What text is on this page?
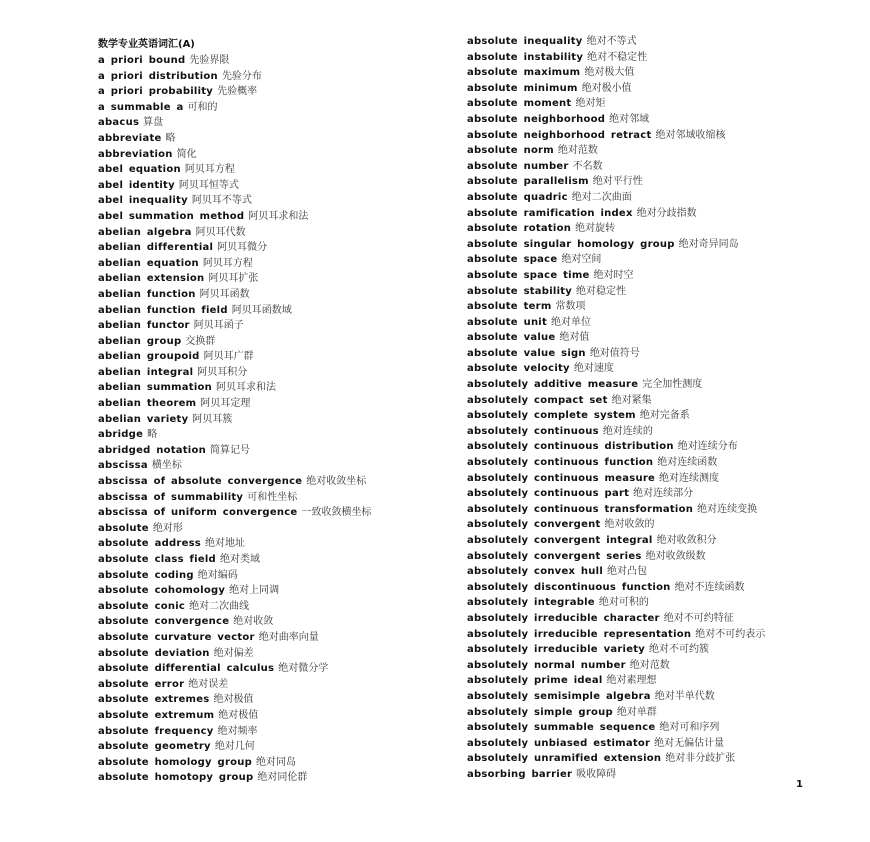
数学专业英语词汇(A)
a priori bound 先验界限
a priori distribution 先验分布
a priori probability 先验概率
a summable a 可和的
abacus 算盘
abbreviate 略
abbreviation 简化
abel equation 阿贝耳方程
abel identity 阿贝耳恒等式
abel inequality 阿贝耳不等式
abel summation method 阿贝耳求和法
abelian algebra 阿贝耳代数
abelian differential 阿贝耳微分
abelian equation 阿贝耳方程
abelian extension 阿贝耳扩张
abelian function 阿贝耳函数
abelian function field 阿贝耳函数域
abelian functor 阿贝耳函子
abelian group 交换群
abelian groupoid 阿贝耳广群
abelian integral 阿贝耳积分
abelian summation 阿贝耳求和法
abelian theorem 阿贝耳定理
abelian variety 阿贝耳簇
abridge 略
abridged notation 简算记号
abscissa 横坐标
abscissa of absolute convergence 绝对收敛坐标
abscissa of summability 可和性坐标
abscissa of uniform convergence 一致收敛横坐标
absolute 绝对形
absolute address 绝对地址
absolute class field 绝对类域
absolute coding 绝对编码
absolute cohomology 绝对上同调
absolute conic 绝对二次曲线
absolute convergence 绝对收敛
absolute curvature vector 绝对曲率向量
absolute deviation 绝对偏差
absolute differential calculus 绝对微分学
absolute error 绝对误差
absolute extremes 绝对极值
absolute extremum 绝对极值
absolute frequency 绝对频率
absolute geometry 绝对几何
absolute homology group 绝对同岛
absolute homotopy group 绝对同伦群
absolute inequality 绝对不等式
absolute instability 绝对不稳定性
absolute maximum 绝对极大值
absolute minimum 绝对极小值
absolute moment 绝对矩
absolute neighborhood 绝对邻域
absolute neighborhood retract 绝对邻域收缩核
absolute norm 绝对范数
absolute number 不名数
absolute parallelism 绝对平行性
absolute quadric 绝对二次曲面
absolute ramification index 绝对分歧指数
absolute rotation 绝对旋转
absolute singular homology group 绝对奇异同岛
absolute space 绝对空间
absolute space time 绝对时空
absolute stability 绝对稳定性
absolute term 常数项
absolute unit 绝对单位
absolute value 绝对值
absolute value sign 绝对值符号
absolute velocity 绝对速度
absolutely additive measure 完全加性测度
absolutely compact set 绝对紧集
absolutely complete system 绝对完备系
absolutely continuous 绝对连续的
absolutely continuous distribution 绝对连续分布
absolutely continuous function 绝对连续函数
absolutely continuous measure 绝对连续测度
absolutely continuous part 绝对连续部分
absolutely continuous transformation 绝对连续变换
absolutely convergent 绝对收敛的
absolutely convergent integral 绝对收敛积分
absolutely convergent series 绝对收敛级数
absolutely convex hull 绝对凸包
absolutely discontinuous function 绝对不连续函数
absolutely integrable 绝对可积的
absolutely irreducible character 绝对不可约特征
absolutely irreducible representation 绝对不可约表示
absolutely irreducible variety 绝对不可约簇
absolutely normal number 绝对范数
absolutely prime ideal 绝对素理想
absolutely semisimple algebra 绝对半单代数
absolutely simple group 绝对单群
absolutely summable sequence 绝对可和序列
absolutely unbiased estimator 绝对无偏估计量
absolutely unramified extension 绝对非分歧扩张
absorbing barrier 吸收障碍
1
